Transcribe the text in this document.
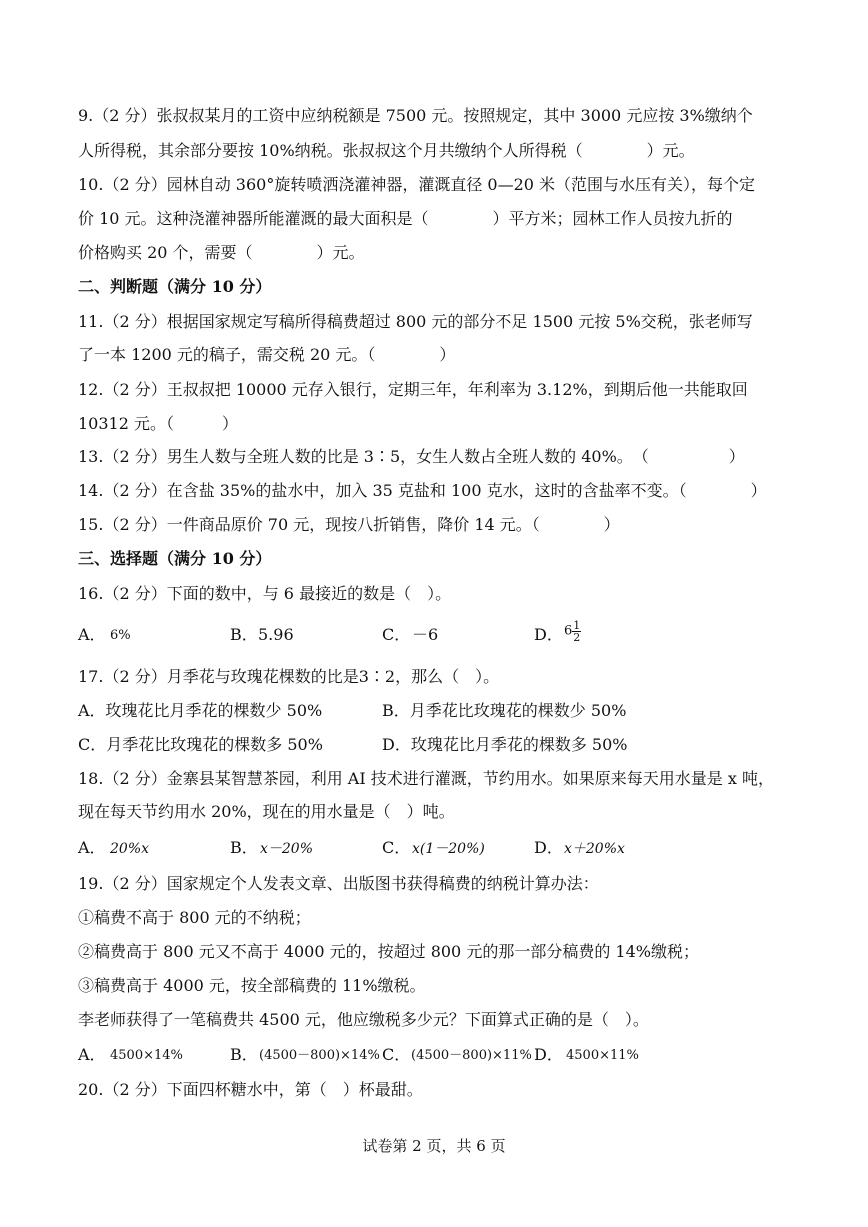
9.（2 分）张叔叔某月的工资中应纳税额是 7500 元。按照规定，其中 3000 元应按 3%缴纳个
人所得税，其余部分要按 10%纳税。张叔叔这个月共缴纳个人所得税（　　　　）元。
10.（2 分）园林自动 360°旋转喷洒浇灌神器，灌溉直径 0—20 米（范围与水压有关），每个定
价 10 元。这种浇灌神器所能灌溉的最大面积是（　　　　）平方米；园林工作人员按九折的
价格购买 20 个，需要（　　　　）元。
二、判断题（满分 10 分）
11.（2 分）根据国家规定写稿所得稿费超过 800 元的部分不足 1500 元按 5%交税，张老师写
了一本 1200 元的稿子，需交税 20 元。（　　　　）
12.（2 分）王叔叔把 10000 元存入银行，定期三年，年利率为 3.12%，到期后他一共能取回
10312 元。（　　　）
13.（2 分）男生人数与全班人数的比是 3∶5，女生人数占全班人数的 40%。　（　　　　　）
14.（2 分）在含盐 35%的盐水中，加入 35 克盐和 100 克水，这时的含盐率不变。（　　　　）
15.（2 分）一件商品原价 70 元，现按八折销售，降价 14 元。（　　　　）
三、选择题（满分 10 分）
16.（2 分）下面的数中，与 6 最接近的数是（　）。
A． 6%	B． 5.96	C． －6	D． $6 \frac{1}{2}$
17.（2 分）月季花与玫瑰花棵数的比是3∶2，那么（　）。
A．玫瑰花比月季花的棵数少 50%	B．月季花比玫瑰花的棵数少 50%
C．月季花比玫瑰花的棵数多 50%	D．玫瑰花比月季花的棵数多 50%
18.（2 分）金寨县某智慧茶园，利用 AI 技术进行灌溉，节约用水。如果原来每天用水量是 x 吨，
现在每天节约用水 20%，现在的用水量是（　）吨。
A． 20%x	B． x－20%	C． x(1－20%)	D． x＋20%x
19.（2 分）国家规定个人发表文章、出版图书获得稿费的纳税计算办法：
①稿费不高于 800 元的不纳税；
②稿费高于 800 元又不高于 4000 元的，按超过 800 元的那一部分稿费的 14%缴税；
③稿费高于 4000 元，按全部稿费的 11%缴税。
李老师获得了一笔稿费共 4500 元，他应缴税多少元？下面算式正确的是（　）。
A． 4500×14%	B． (4500－800)×14% C． (4500－800)×11% D． 4500×11%
20.（2 分）下面四杯糖水中，第（　）杯最甜。
试卷第 2 页，共 6 页
